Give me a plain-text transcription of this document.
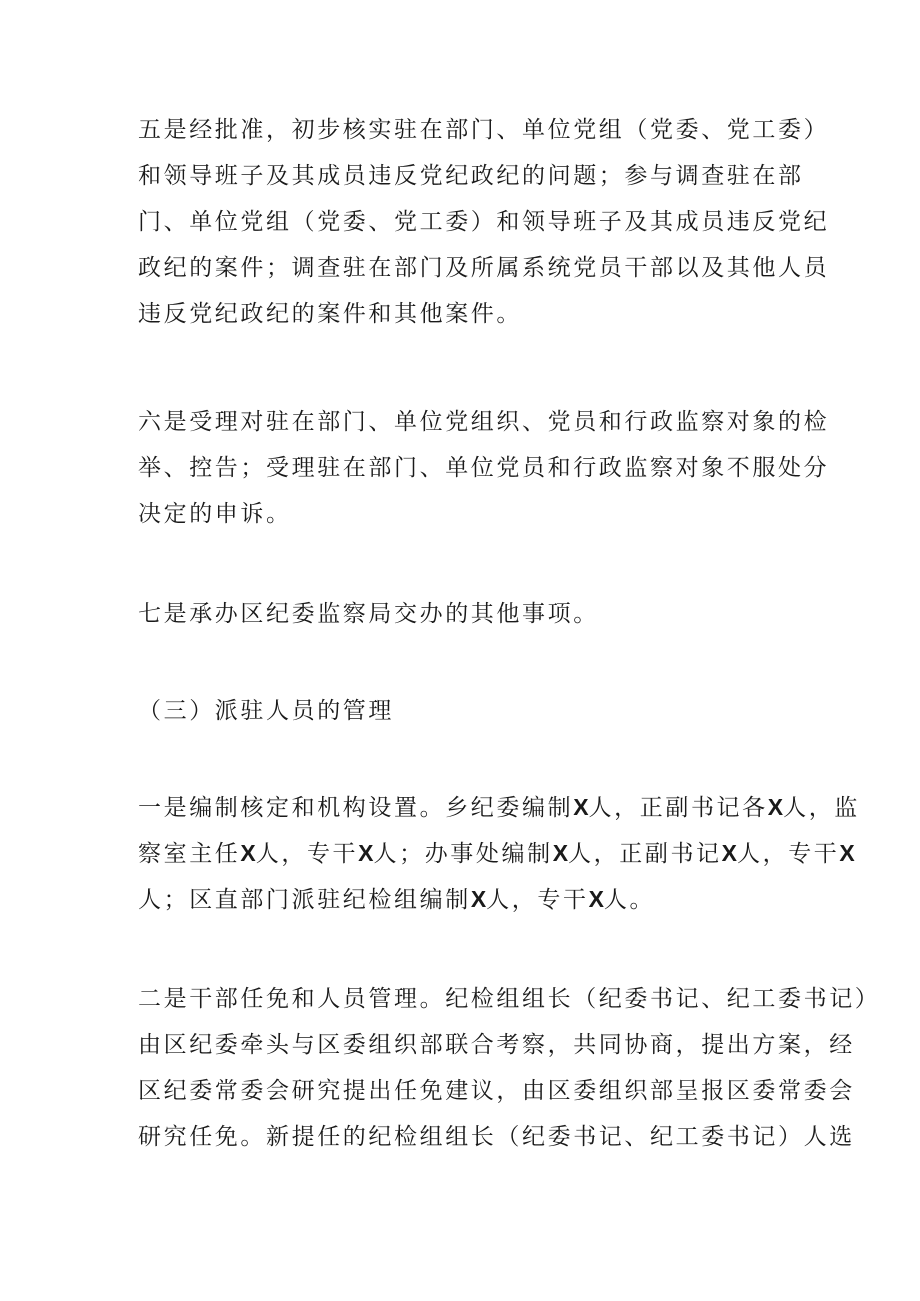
五是经批准，初步核实驻在部门、单位党组（党委、党工委）
和领导班子及其成员违反党纪政纪的问题；参与调查驻在部
门、单位党组（党委、党工委）和领导班子及其成员违反党纪
政纪的案件；调查驻在部门及所属系统党员干部以及其他人员
违反党纪政纪的案件和其他案件。

六是受理对驻在部门、单位党组织、党员和行政监察对象的检
举、控告；受理驻在部门、单位党员和行政监察对象不服处分
决定的申诉。

七是承办区纪委监察局交办的其他事项。

（三）派驻人员的管理

一是编制核定和机构设置。乡纪委编制X人，正副书记各X人，监
察室主任X人，专干X人；办事处编制X人，正副书记X人，专干X
人；区直部门派驻纪检组编制X人，专干X人。

二是干部任免和人员管理。纪检组组长（纪委书记、纪工委书记）
由区纪委牵头与区委组织部联合考察，共同协商，提出方案，经
区纪委常委会研究提出任免建议，由区委组织部呈报区委常委会
研究任免。新提任的纪检组组长（纪委书记、纪工委书记）人选
